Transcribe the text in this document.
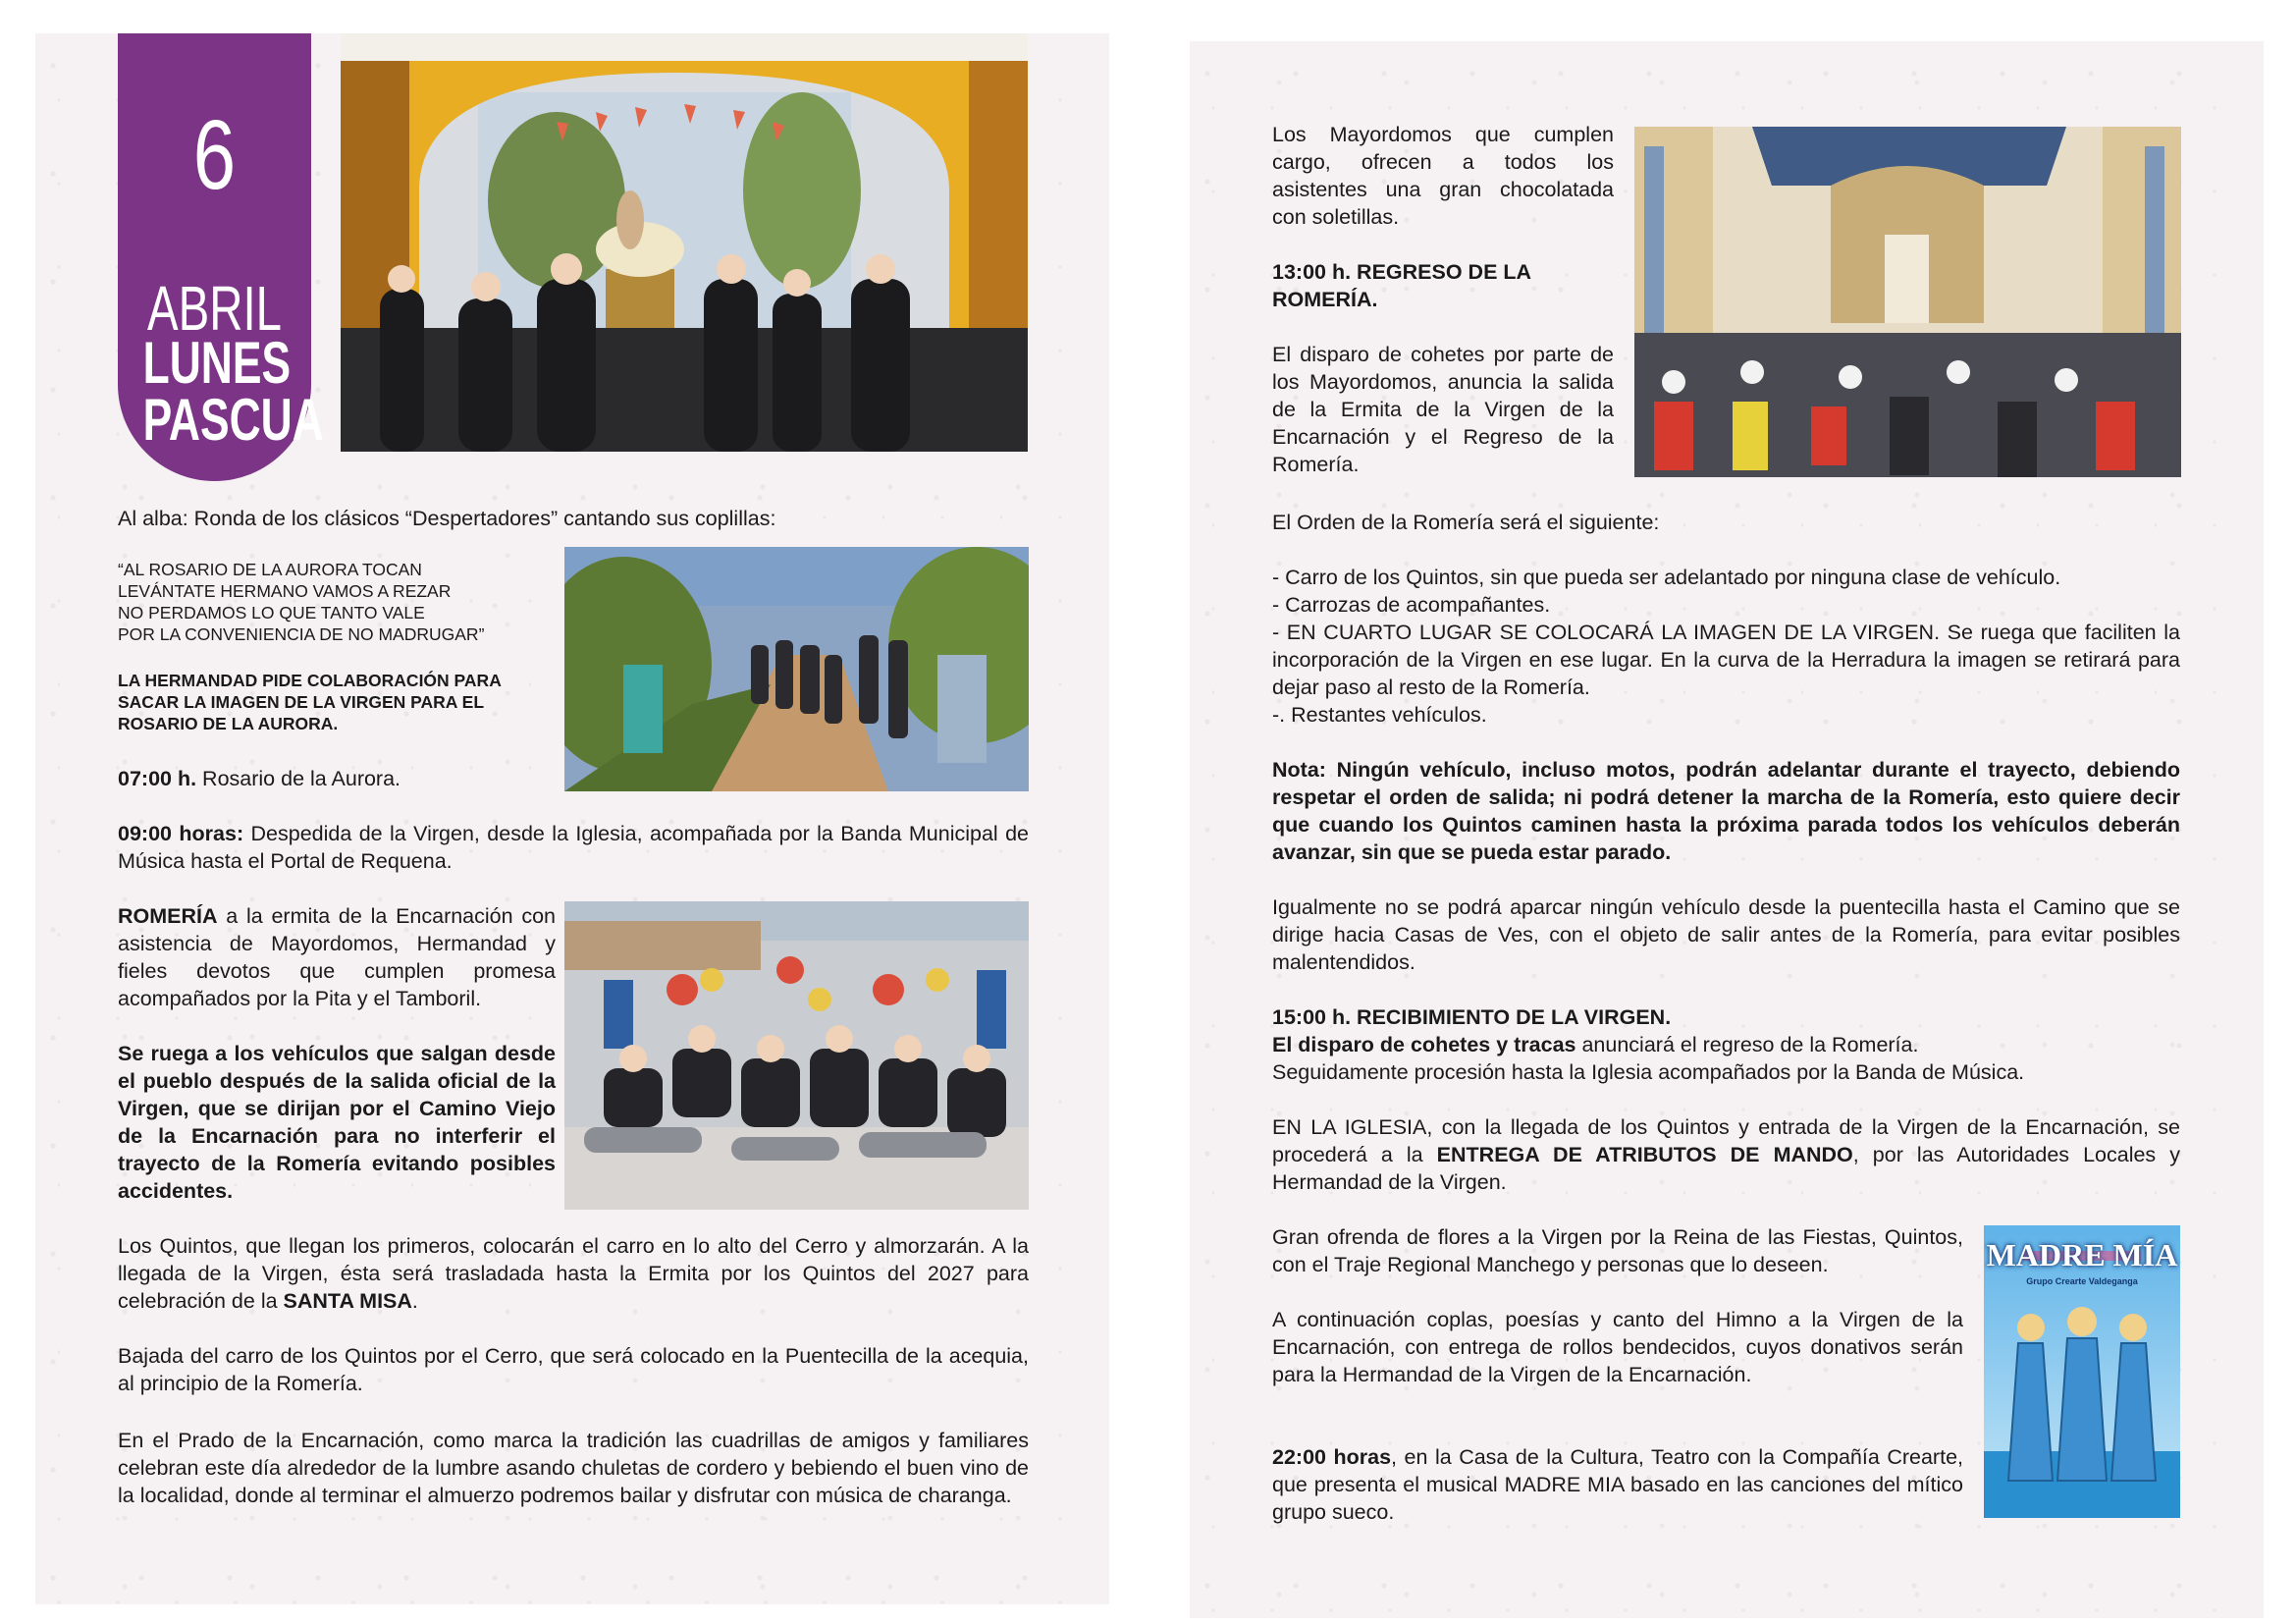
6
ABRIL
LUNES
PASCUA
Al alba: Ronda de los clásicos “Despertadores” cantando sus coplillas:

“AL ROSARIO DE LA AURORA TOCAN

LEVÁNTATE HERMANO VAMOS A REZAR

NO PERDAMOS LO QUE TANTO VALE

POR LA CONVENIENCIA DE NO MADRUGAR”

LA HERMANDAD PIDE COLABORACIÓN PARA SACAR LA IMAGEN DE LA VIRGEN PARA EL ROSARIO DE LA AURORA.
07:00 h. Rosario de la Aurora.
09:00 horas: Despedida de la Virgen, desde la Iglesia, acompañada por la Banda Municipal de Música hasta el Portal de Requena.
ROMERÍA a la ermita de la Encarnación con asistencia de Mayordomos, Hermandad y fieles devotos que cumplen promesa acompañados por la Pita y el Tamboril.
Se ruega a los vehículos que salgan desde el pueblo después de la salida oficial de la Virgen, que se dirijan por el Camino Viejo de la Encarnación para no interferir el trayecto de la Romería evitando posibles accidentes.
Los Quintos, que llegan los primeros, colocarán el carro en lo alto del Cerro y almorzarán. A la llegada de la Virgen, ésta será trasladada hasta la Ermita por los Quintos del 2027 para celebración de la SANTA MISA.
Bajada del carro de los Quintos por el Cerro, que será colocado en la Puentecilla de la acequia, al principio de la Romería.
En el Prado de la Encarnación, como marca la tradición las cuadrillas de amigos y familiares celebran este día alrededor de la lumbre asando chuletas de cordero y bebiendo el buen vino de la localidad, donde al terminar el almuerzo podremos bailar y disfrutar con música de charanga.
Los Mayordomos que cumplen cargo, ofrecen a todos los asistentes una gran chocolatada con soletillas.
13:00 h. REGRESO DE LA ROMERÍA.
El disparo de cohetes por parte de los Mayordomos, anuncia la salida de la Ermita de la Virgen de la Encarnación y el Regreso de la Romería.
El Orden de la Romería será el siguiente:

- Carro de los Quintos, sin que pueda ser adelantado por ninguna clase de vehículo.

- Carrozas de acompañantes.

- EN CUARTO LUGAR SE COLOCARÁ LA IMAGEN DE LA VIRGEN. Se ruega que faciliten la incorporación de la Virgen en ese lugar. En la curva de la Herradura la imagen se retirará para dejar paso al resto de la Romería.

-. Restantes vehículos.

Nota: Ningún vehículo, incluso motos, podrán adelantar durante el trayecto, debiendo respetar el orden de salida; ni podrá detener la marcha de la Romería, esto quiere decir que cuando los Quintos caminen hasta la próxima parada todos los vehículos deberán avanzar, sin que se pueda estar parado.
Igualmente no se podrá aparcar ningún vehículo desde la puentecilla hasta el Camino que se dirige hacia Casas de Ves, con el objeto de salir antes de la Romería, para evitar posibles malentendidos.

15:00 h. RECIBIMIENTO DE LA VIRGEN.

El disparo de cohetes y tracas anunciará el regreso de la Romería.

Seguidamente procesión hasta la Iglesia acompañados por la Banda de Música.

EN LA IGLESIA, con la llegada de los Quintos y entrada de la Virgen de la Encarnación, se procederá a la ENTREGA DE ATRIBUTOS DE MANDO, por las Autoridades Locales y Hermandad de la Virgen.
Gran ofrenda de flores a la Virgen por la Reina de las Fiestas, Quintos, con el Traje Regional Manchego y personas que lo deseen.
A continuación coplas, poesías y canto del Himno a la Virgen de la Encarnación, con entrega de rollos bendecidos, cuyos donativos serán para la Hermandad de la Virgen de la Encarnación.
22:00 horas, en la Casa de la Cultura, Teatro con la Compañía Crearte, que presenta el musical MADRE MIA basado en las canciones del mítico grupo sueco.
MADRE MÍA
Grupo Crearte Valdeganga
